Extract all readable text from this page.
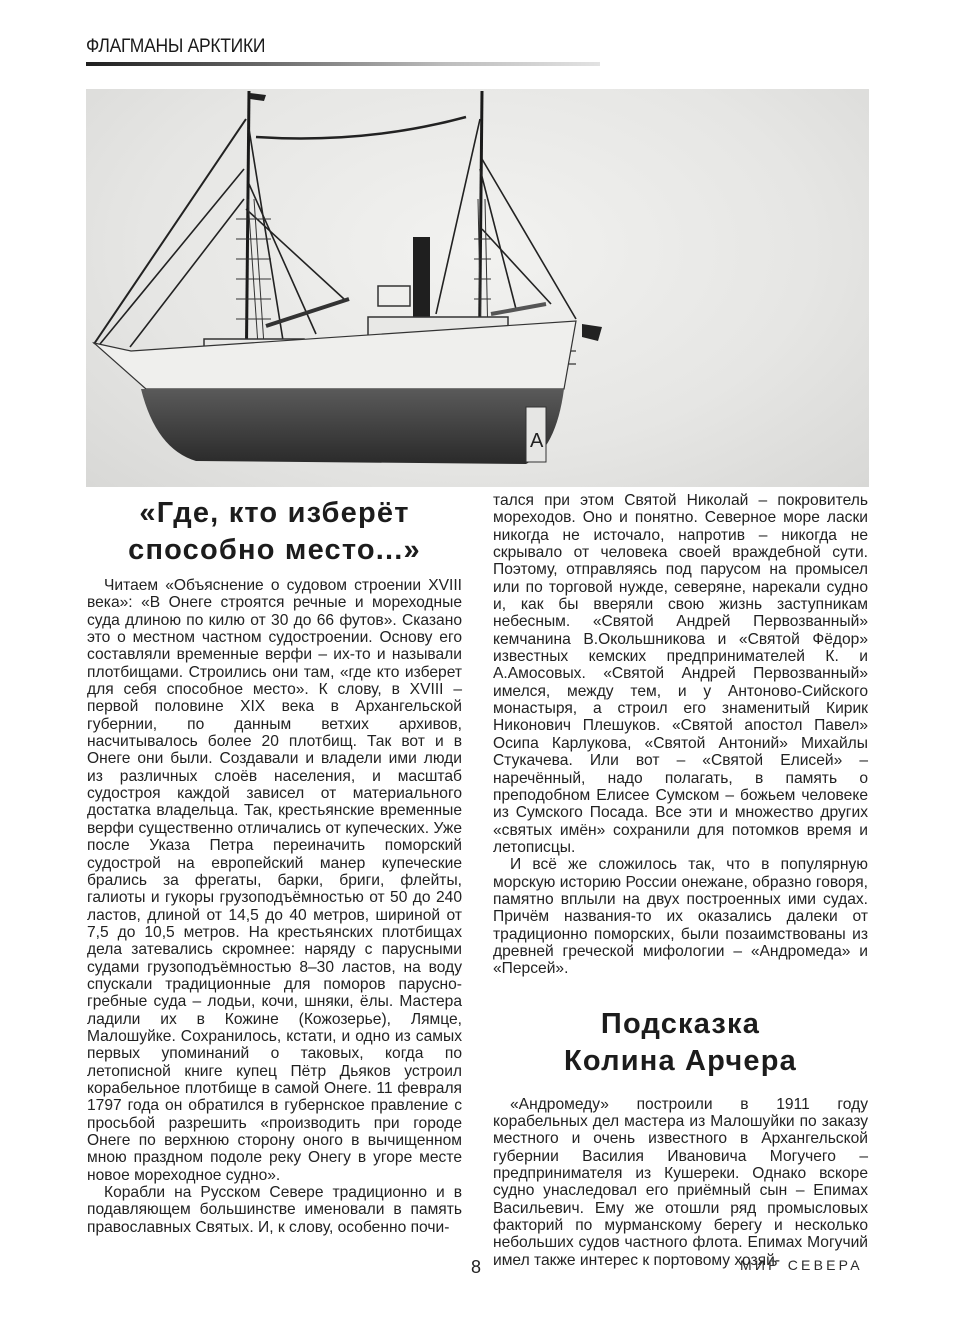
ФЛАГМАНЫ АРКТИКИ
А
«Где, кто изберёт
способно место...»

Читаем «Объяснение о судовом строении XVIII века»: «В Онеге строятся речные и мореходные суда длиною по килю от 30 до 66 футов». Сказано это о местном частном судостроении. Основу его составляли временные верфи – их-то и называли плотбищами. Строились они там, «где кто изберет для себя способное место». К слову, в XVIII – первой половине XIX века в Архангельской губернии, по данным ветхих архивов, насчитывалось более 20 плотбищ. Так вот и в Онеге они были. Создавали и владели ими люди из различных слоёв населения, и масштаб судостроя каждой зависел от материального достатка владельца. Так, крестьянские временные верфи существенно отличались от купеческих. Уже после Указа Петра переиначить поморский судострой на европейский манер купеческие брались за фрегаты, барки, бриги, флейты, галиоты и гукоры грузоподъёмностью от 50 до 240 ластов, длиной от 14,5 до 40 метров, шириной от 7,5 до 10,5 метров. На крестьянских плотбищах дела затевались скромнее: наряду с парусными судами грузоподъёмностью 8–30 ластов, на воду спускали традиционные для поморов парусно-гребные суда – лодьи, кочи, шняки, ёлы. Мастера ладили их в Кожине (Кожозерье), Лямце, Малошуйке. Сохранилось, кстати, и одно из самых первых упоминаний о таковых, когда по летописной книге купец Пётр Дьяков устроил корабельное плотбище в самой Онеге. 11 февраля 1797 года он обратился в губернское правление с просьбой разрешить «производить при городе Онеге по верхнюю сторону оного в вычищенном мною праздном подоле реку Онегу в угоре месте новое мореходное судно».

Корабли на Русском Севере традиционно и в подавляющем большинстве именовали в память православных Святых. И, к слову, особенно почи-

тался при этом Святой Николай – покровитель мореходов. Оно и понятно. Северное море ласки никогда не источало, напротив – никогда не скрывало от человека своей враждебной сути. Поэтому, отправляясь под парусом на промысел или по торговой нужде, северяне, нарекали судно и, как бы вверяли свою жизнь заступникам небесным. «Святой Андрей Первозванный» кемчанина В.Окольшникова и «Святой Фёдор» известных кемских предпринимателей К. и А.Амосовых. «Святой Андрей Первозванный» имелся, между тем, и у Антоново-Сийского монастыря, а строил его знаменитый Кирик Никонович Плешуков. «Святой апостол Павел» Осипа Карлукова, «Святой Антоний» Михайлы Стукачева. Или вот – «Святой Елисей» – наречённый, надо полагать, в память о преподобном Елисее Сумском – божьем человеке из Сумского Посада. Все эти и множество других «святых имён» сохранили для потомков время и летописцы.

И всё же сложилось так, что в популярную морскую историю России онежане, образно говоря, памятно вплыли на двух построенных ими судах. Причём названия-то их оказались далеки от традиционно поморских, были позаимствованы из древней греческой мифологии – «Андромеда» и «Персей».

Подсказка
Колина Арчера

«Андромеду» построили в 1911 году корабельных дел мастера из Малошуйки по заказу местного и очень известного в Архангельской губернии Василия Ивановича Могучего – предпринимателя из Кушереки. Однако вскоре судно унаследовал его приёмный сын – Епимах Васильевич. Ему же отошли ряд промысловых факторий по мурманскому берегу и несколько небольших судов частного флота. Епимах Могучий имел также интерес к портовому хозяй-

8	МИР СЕВЕРА
